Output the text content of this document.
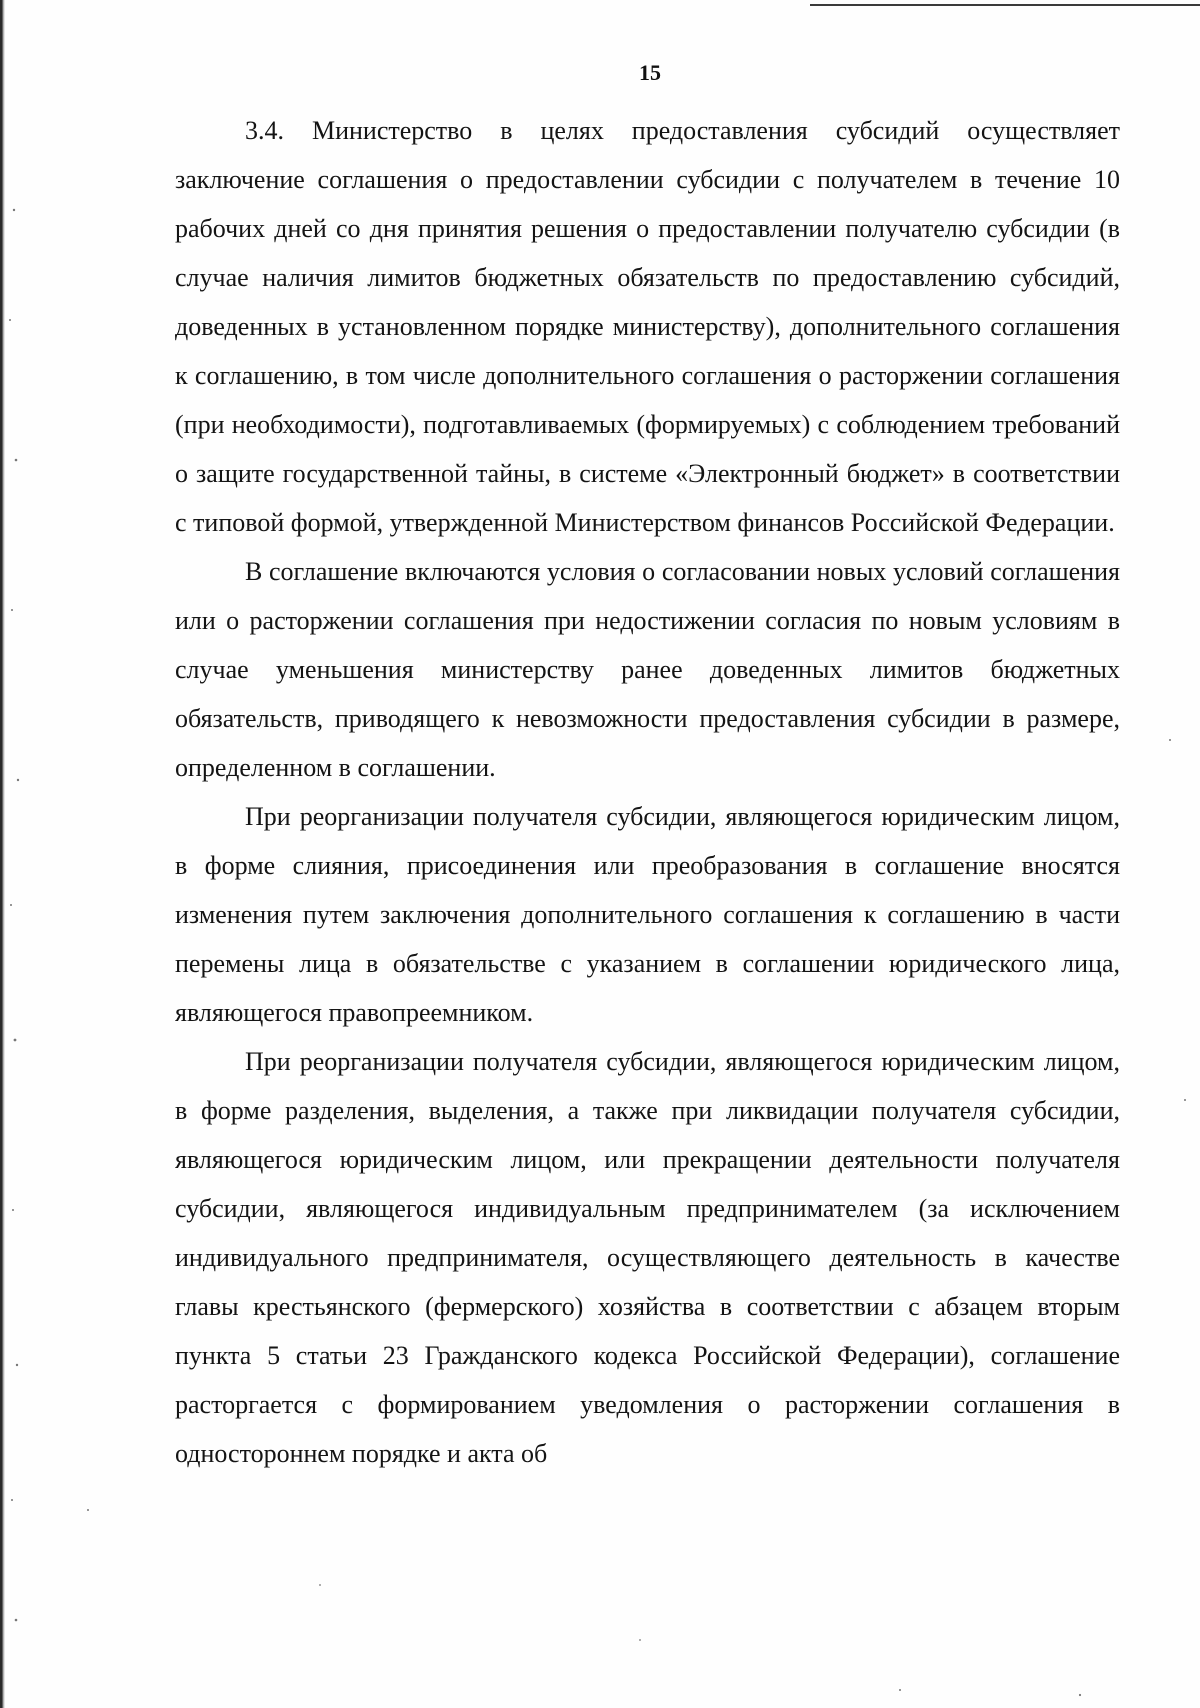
15

3.4. Министерство в целях предоставления субсидий осуществляет заключение соглашения о предоставлении субсидии с получателем в течение 10 рабочих дней со дня принятия решения о предоставлении получателю субсидии (в случае наличия лимитов бюджетных обязательств по предоставлению субсидий, доведенных в установленном порядке министерству), дополнительного соглашения к соглашению, в том числе дополнительного соглашения о расторжении соглашения (при необходимости), подготавливаемых (формируемых) с соблюдением требований о защите государственной тайны, в системе «Электронный бюджет» в соответствии с типовой формой, утвержденной Министерством финансов Российской Федерации.

В соглашение включаются условия о согласовании новых условий соглашения или о расторжении соглашения при недостижении согласия по новым условиям в случае уменьшения министерству ранее доведенных лимитов бюджетных обязательств, приводящего к невозможности предоставления субсидии в размере, определенном в соглашении.

При реорганизации получателя субсидии, являющегося юридическим лицом, в форме слияния, присоединения или преобразования в соглашение вносятся изменения путем заключения дополнительного соглашения к соглашению в части перемены лица в обязательстве с указанием в соглашении юридического лица, являющегося правопреемником.

При реорганизации получателя субсидии, являющегося юридическим лицом, в форме разделения, выделения, а также при ликвидации получателя субсидии, являющегося юридическим лицом, или прекращении деятельности получателя субсидии, являющегося индивидуальным предпринимателем (за исключением индивидуального предпринимателя, осуществляющего деятельность в качестве главы крестьянского (фермерского) хозяйства в соответствии с абзацем вторым пункта 5 статьи 23 Гражданского кодекса Российской Федерации), соглашение расторгается с формированием уведомления о расторжении соглашения в одностороннем порядке и акта об
